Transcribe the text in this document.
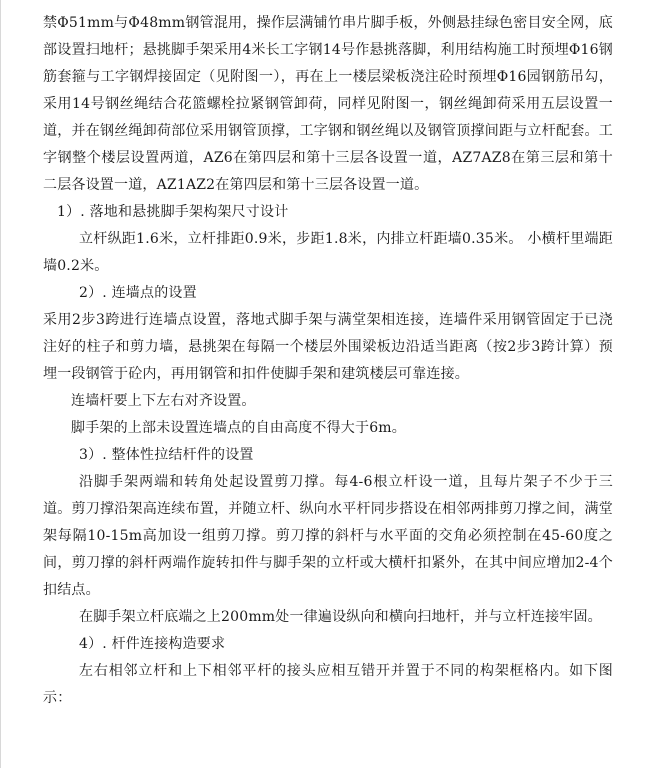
禁Φ51mm与Φ48mm钢管混用，操作层满铺竹串片脚手板，外侧悬挂绿色密目安全网，底部设置扫地杆；悬挑脚手架采用4米长工字钢14号作悬挑落脚，利用结构施工时预埋Φ16钢筋套箍与工字钢焊接固定（见附图一），再在上一楼层梁板浇注砼时预埋Φ16园钢筋吊勾，采用14号钢丝绳结合花篮螺栓拉紧钢管卸荷，同样见附图一，钢丝绳卸荷采用五层设置一道，并在钢丝绳卸荷部位采用钢管顶撑，工字钢和钢丝绳以及钢管顶撑间距与立杆配套。工字钢整个楼层设置两道，AZ6在第四层和第十三层各设置一道，AZ7AZ8在第三层和第十二层各设置一道，AZ1AZ2在第四层和第十三层各设置一道。

1）. 落地和悬挑脚手架构架尺寸设计

立杆纵距1.6米，立杆排距0.9米，步距1.8米，内排立杆距墙0.35米。 小横杆里端距墙0.2米。

2）. 连墙点的设置

采用2步3跨进行连墙点设置，落地式脚手架与满堂架相连接，连墙件采用钢管固定于已浇注好的柱子和剪力墙，悬挑架在每隔一个楼层外围梁板边沿适当距离（按2步3跨计算）预埋一段钢管于砼内，再用钢管和扣件使脚手架和建筑楼层可靠连接。

连墙杆要上下左右对齐设置。

脚手架的上部未设置连墙点的自由高度不得大于6m。

3）. 整体性拉结杆件的设置

沿脚手架两端和转角处起设置剪刀撑。每4-6根立杆设一道，且每片架子不少于三道。剪刀撑沿架高连续布置，并随立杆、纵向水平杆同步搭设在相邻两排剪刀撑之间，满堂架每隔10-15m高加设一组剪刀撑。剪刀撑的斜杆与水平面的交角必须控制在45-60度之间，剪刀撑的斜杆两端作旋转扣件与脚手架的立杆或大横杆扣紧外，在其中间应增加2-4个扣结点。

在脚手架立杆底端之上200mm处一律遍设纵向和横向扫地杆，并与立杆连接牢固。

4）. 杆件连接构造要求

左右相邻立杆和上下相邻平杆的接头应相互错开并置于不同的构架框格内。如下图示：
